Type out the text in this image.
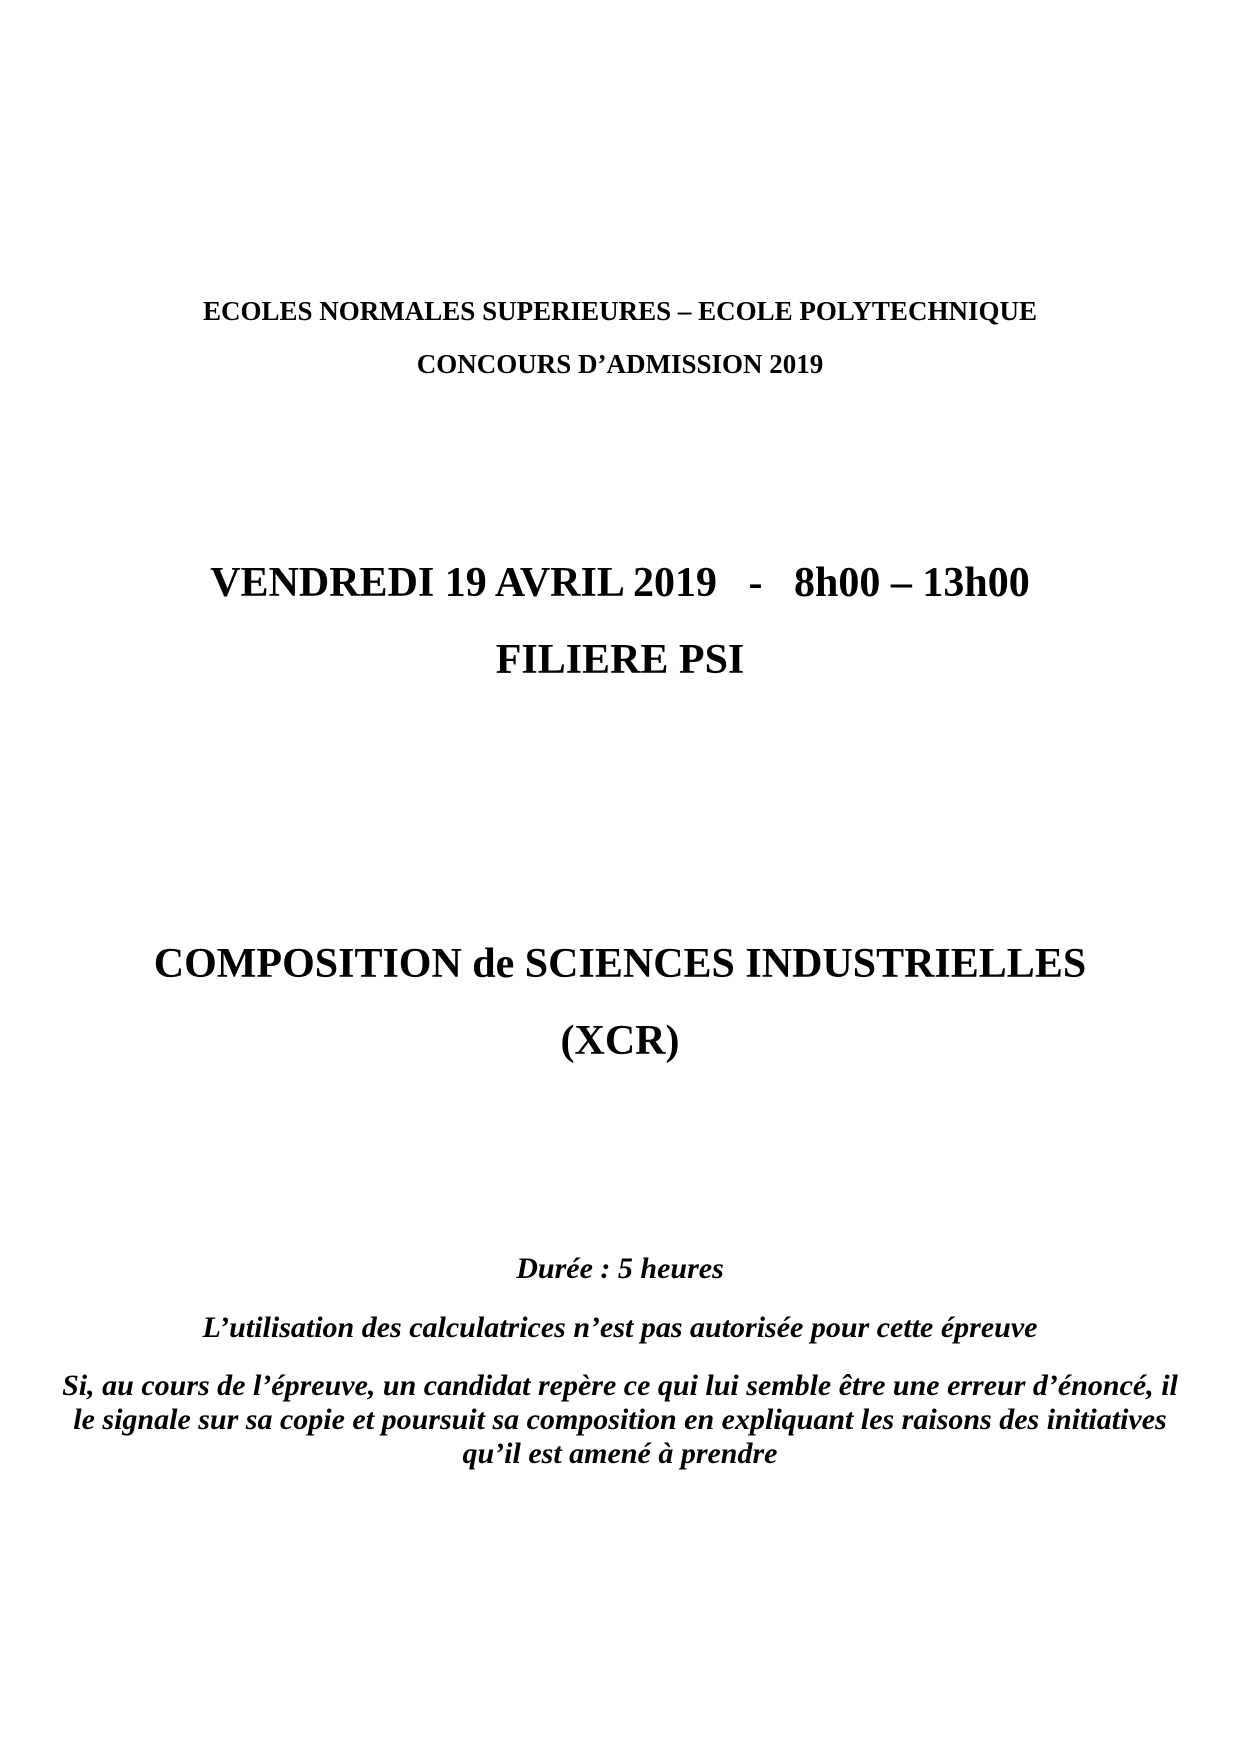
ECOLES NORMALES SUPERIEURES – ECOLE POLYTECHNIQUE

CONCOURS D’ADMISSION 2019

VENDREDI 19 AVRIL 2019   -   8h00 – 13h00

FILIERE PSI

COMPOSITION de SCIENCES INDUSTRIELLES

(XCR)

Durée : 5 heures

L’utilisation des calculatrices n’est pas autorisée pour cette épreuve

Si, au cours de l’épreuve, un candidat repère ce qui lui semble être une erreur d’énoncé, il le signale sur sa copie et poursuit sa composition en expliquant les raisons des initiatives qu’il est amené à prendre
